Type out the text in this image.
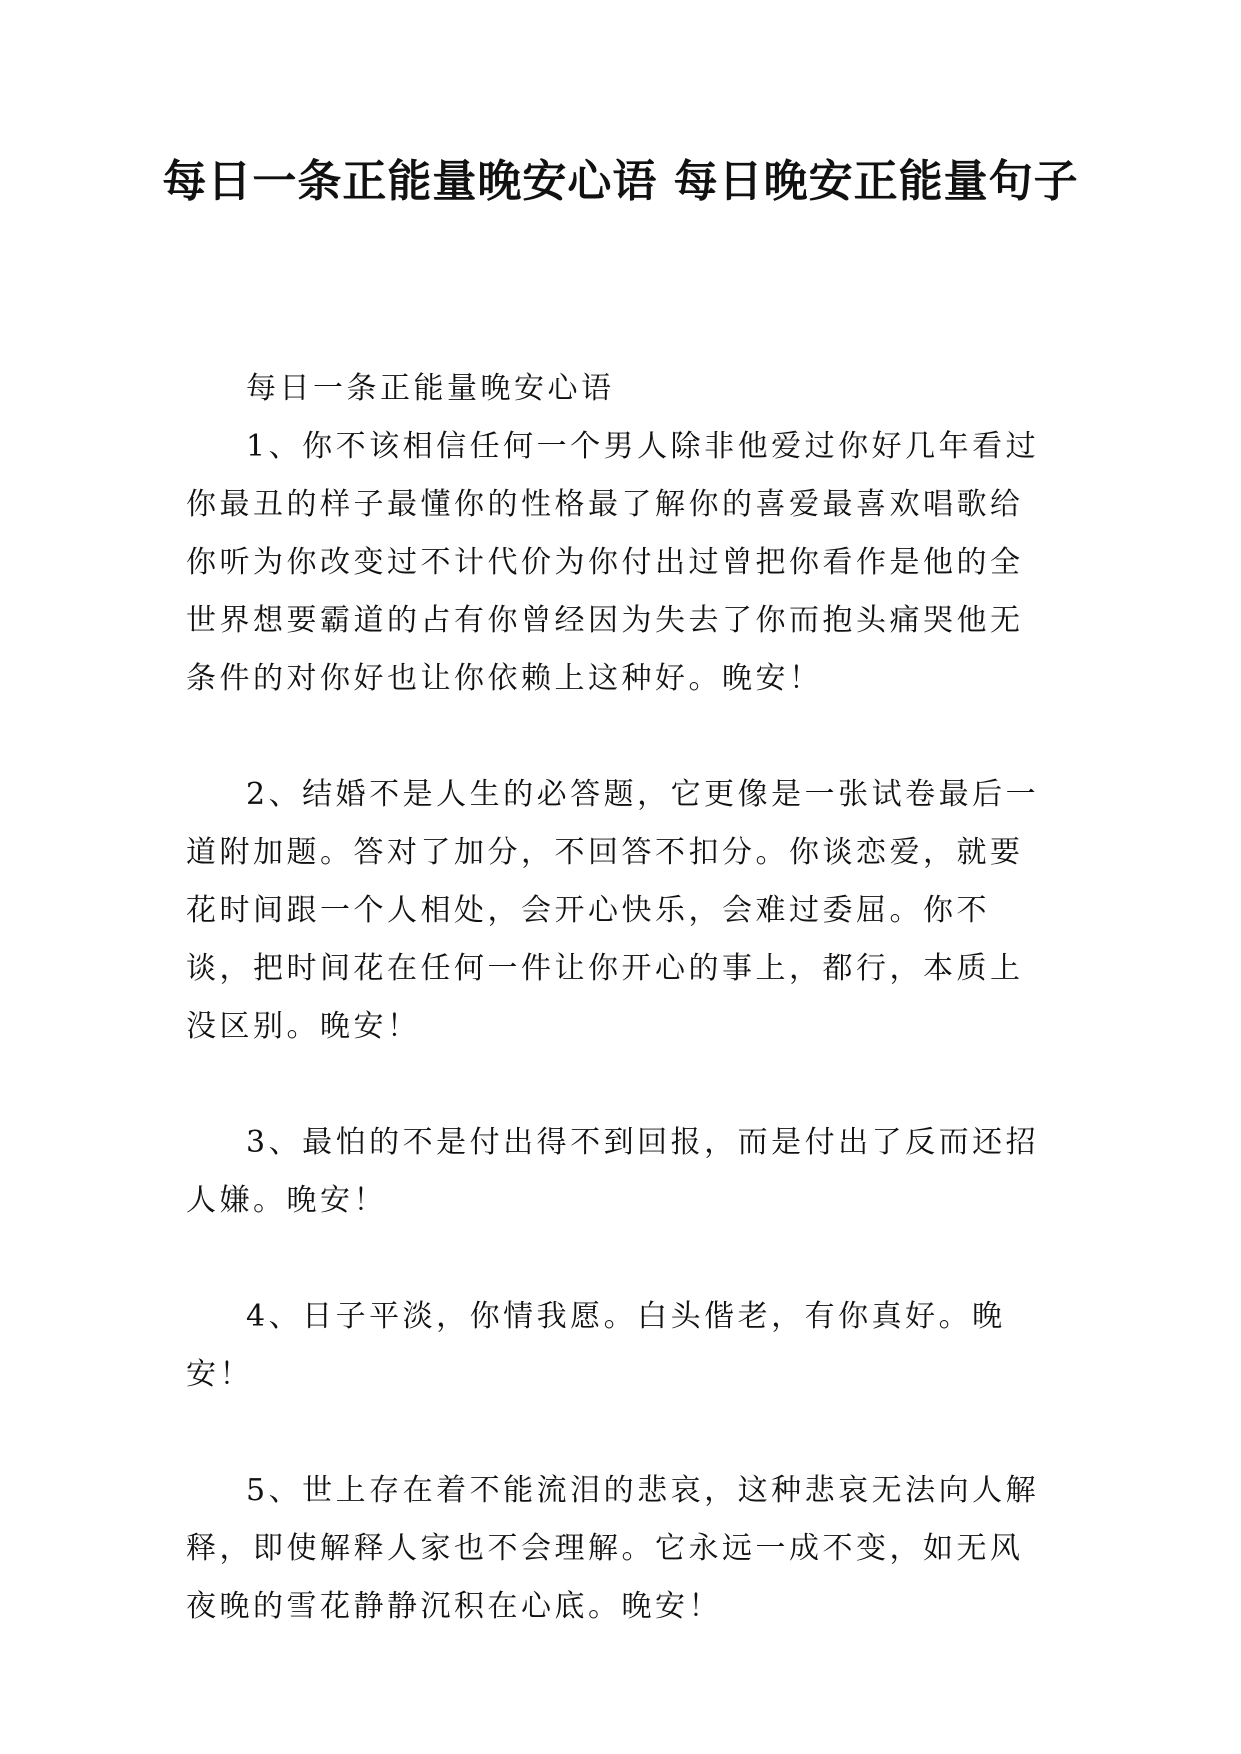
每日一条正能量晚安心语 每日晚安正能量句子

每日一条正能量晚安心语

1、你不该相信任何一个男人除非他爱过你好几年看过你最丑的样子最懂你的性格最了解你的喜爱最喜欢唱歌给你听为你改变过不计代价为你付出过曾把你看作是他的全世界想要霸道的占有你曾经因为失去了你而抱头痛哭他无条件的对你好也让你依赖上这种好。晚安！

2、结婚不是人生的必答题，它更像是一张试卷最后一道附加题。答对了加分，不回答不扣分。你谈恋爱，就要花时间跟一个人相处，会开心快乐，会难过委屈。你不谈，把时间花在任何一件让你开心的事上，都行，本质上没区别。晚安！

3、最怕的不是付出得不到回报，而是付出了反而还招人嫌。晚安！

4、日子平淡，你情我愿。白头偕老，有你真好。晚安！

5、世上存在着不能流泪的悲哀，这种悲哀无法向人解释，即使解释人家也不会理解。它永远一成不变，如无风夜晚的雪花静静沉积在心底。晚安！
